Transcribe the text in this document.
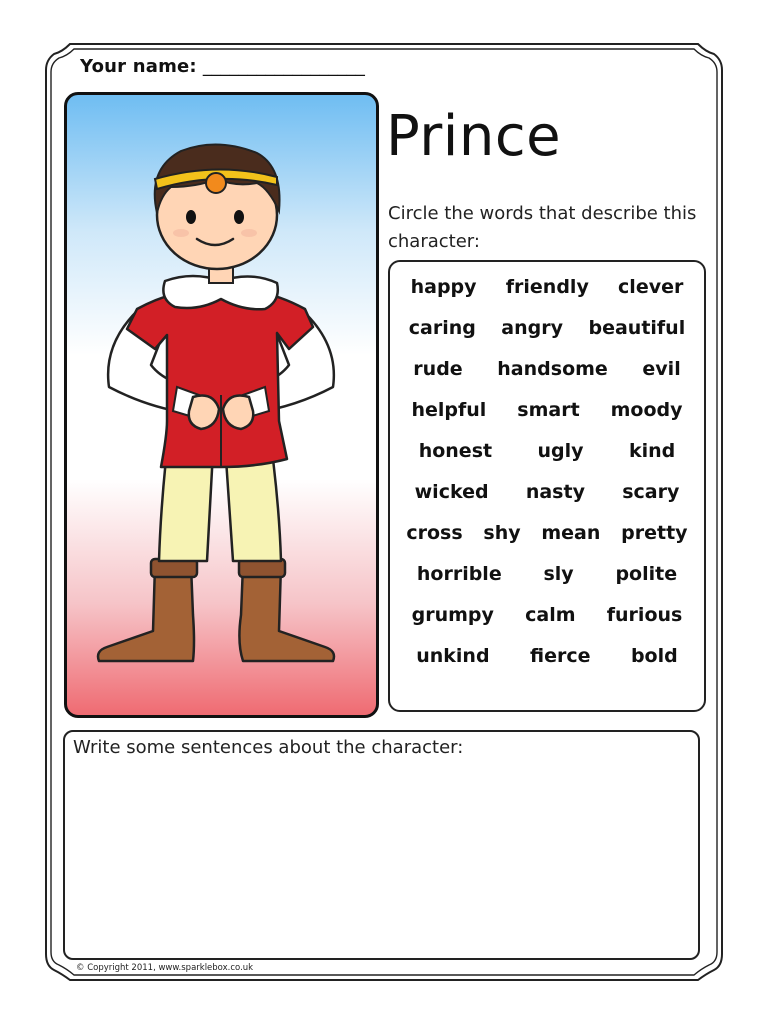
Your name: __________________
Prince
Circle the words that describe this character:
happy friendly clever
caring angry beautiful
rude handsome evil
helpful smart moody
honest ugly kind
wicked nasty scary
cross shy mean pretty
horrible sly polite
grumpy calm furious
unkind fierce bold
Write some sentences about the character:
© Copyright 2011, www.sparklebox.co.uk
